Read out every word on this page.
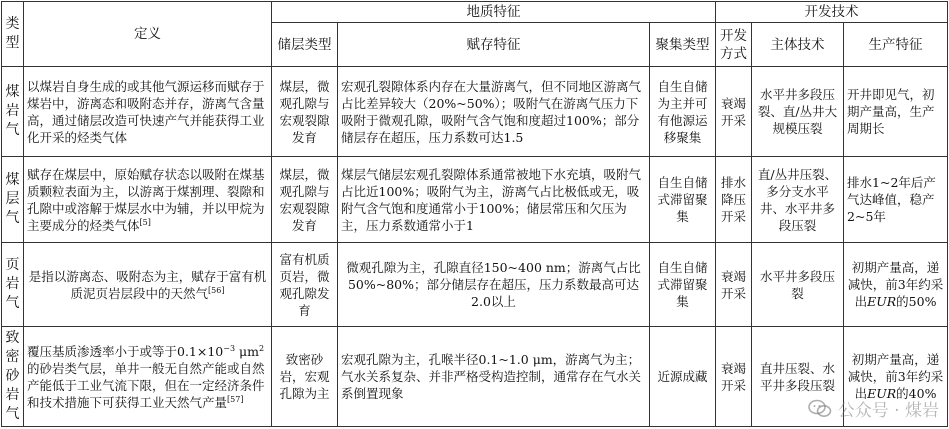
类型	定义	地质特征			开发技术		
		储层类型	赋存特征	聚集类型	开发方式	主体技术	生产特征
煤岩气	以煤岩自身生成的或其他气源运移而赋存于煤岩中，游离态和吸附态并存，游离气含量高，通过储层改造可快速产气并能获得工业化开采的烃类气体	煤层，微观孔隙与宏观裂隙发育	宏观孔裂隙体系内存在大量游离气，但不同地区游离气占比差异较大（20%~50%）；吸附气在游离气压力下吸附于微观孔隙，吸附气含气饱和度超过100%；部分储层存在超压，压力系数可达1.5	自生自储为主并可有他源运移聚集	衰竭开采	水平井多段压裂、直/丛井大规模压裂	开井即见气，初期产量高，生产周期长
煤层气	赋存在煤层中，原始赋存状态以吸附在煤基质颗粒表面为主，以游离于煤割理、裂隙和孔隙中或溶解于煤层水中为辅，并以甲烷为主要成分的烃类气体[5]	煤层，微观孔隙与宏观裂隙发育	煤层气储层宏观孔裂隙体系通常被地下水充填，吸附气占比近100%；吸附气为主，游离气占比极低或无，吸附气含气饱和度通常小于100%；储层常压和欠压为主，压力系数通常小于1	自生自储式滞留聚集	排水降压开采	直/丛井压裂、多分支水平井、水平井多段压裂	排水1~2年后产气达峰值，稳产2~5年
页岩气	是指以游离态、吸附态为主，赋存于富有机质泥页岩层段中的天然气[56]	富有机质页岩，微观孔隙发育	微观孔隙为主，孔隙直径150~400 nm；游离气占比50%~80%；部分储层存在超压，压力系数最高可达2.0以上	自生自储式滞留聚集	衰竭开采	水平井多段压裂	初期产量高，递减快，前3年约采出EUR的50%
致密砂岩气	覆压基质渗透率小于或等于$0.1\times 10^{-3}$ $\mu m^2$的砂岩类气层，单井一般无自然产能或自然产能低于工业气流下限，但在一定经济条件和技术措施下可获得工业天然气产量[57]	致密砂岩，宏观孔隙为主	宏观孔隙为主，孔喉半径0.1~1.0 μm，游离气为主；气水关系复杂、并非严格受构造控制，通常存在气水关系倒置现象	近源成藏	衰竭开采	直井压裂、水平井多段压裂	初期产量高，递减快，前3年约采出EUR的40%
公众号 · 煤岩
